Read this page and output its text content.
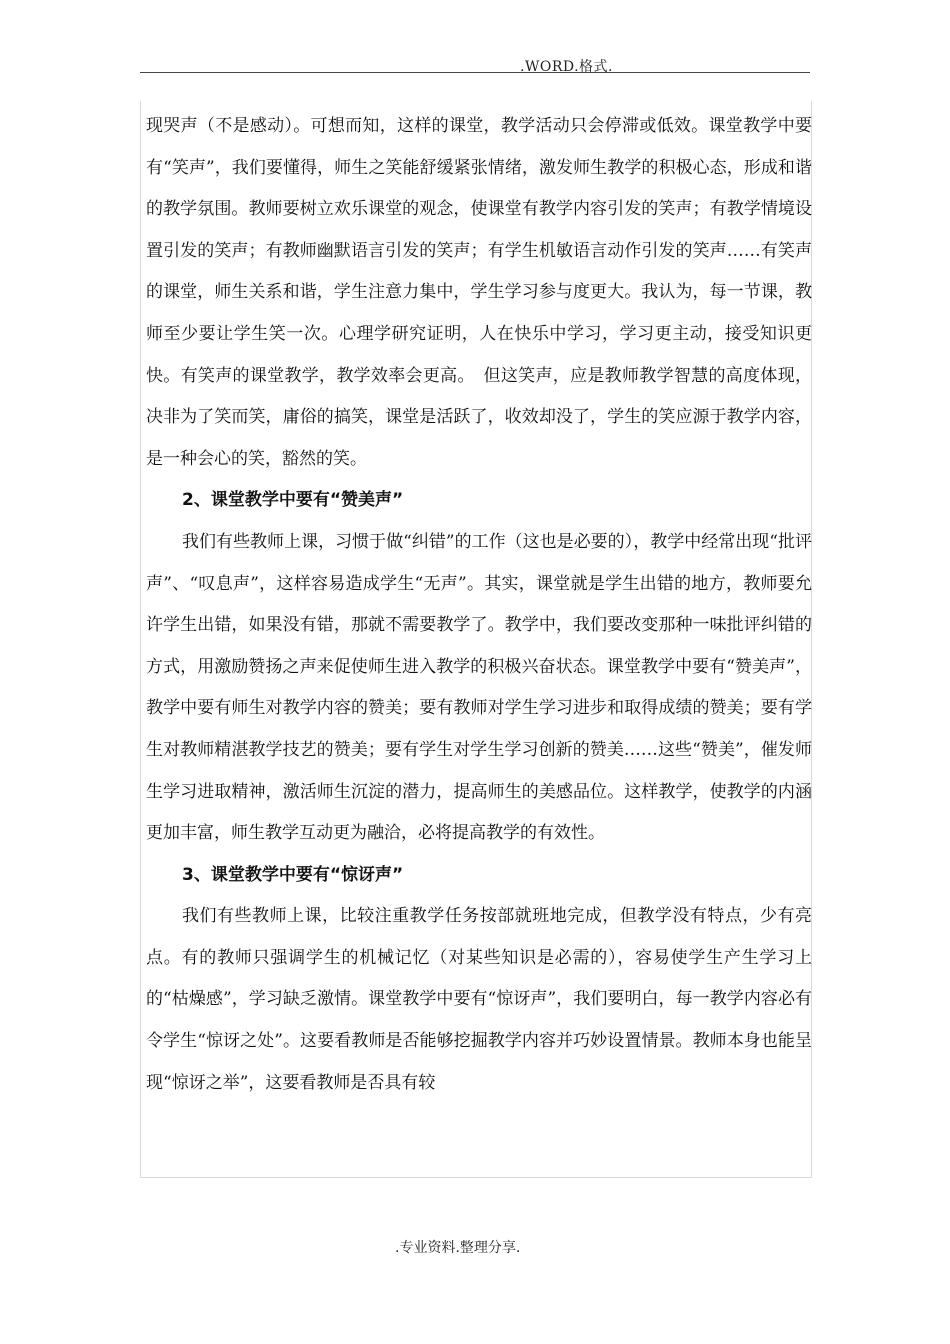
.WORD.格式.

现哭声（不是感动）。可想而知，这样的课堂，教学活动只会停滞或低效。课堂教学中要有“笑声”，我们要懂得，师生之笑能舒缓紧张情绪，激发师生教学的积极心态，形成和谐的教学氛围。教师要树立欢乐课堂的观念，使课堂有教学内容引发的笑声；有教学情境设置引发的笑声；有教师幽默语言引发的笑声；有学生机敏语言动作引发的笑声……有笑声的课堂，师生关系和谐，学生注意力集中，学生学习参与度更大。我认为，每一节课，教师至少要让学生笑一次。心理学研究证明，人在快乐中学习，学习更主动，接受知识更快。有笑声的课堂教学，教学效率会更高。　但这笑声，应是教师教学智慧的高度体现，决非为了笑而笑，庸俗的搞笑，课堂是活跃了，收效却没了，学生的笑应源于教学内容，是一种会心的笑，豁然的笑。

2、课堂教学中要有“赞美声”

我们有些教师上课，习惯于做“纠错”的工作（这也是必要的），教学中经常出现“批评声”、“叹息声”，这样容易造成学生“无声”。其实，课堂就是学生出错的地方，教师要允许学生出错，如果没有错，那就不需要教学了。教学中，我们要改变那种一味批评纠错的方式，用激励赞扬之声来促使师生进入教学的积极兴奋状态。课堂教学中要有“赞美声”，教学中要有师生对教学内容的赞美；要有教师对学生学习进步和取得成绩的赞美；要有学生对教师精湛教学技艺的赞美；要有学生对学生学习创新的赞美……这些“赞美”，催发师生学习进取精神，激活师生沉淀的潜力，提高师生的美感品位。这样教学，使教学的内涵更加丰富，师生教学互动更为融洽，必将提高教学的有效性。

3、课堂教学中要有“惊讶声”

我们有些教师上课，比较注重教学任务按部就班地完成，但教学没有特点，少有亮点。有的教师只强调学生的机械记忆（对某些知识是必需的），容易使学生产生学习上的“枯燥感”，学习缺乏激情。课堂教学中要有“惊讶声”，我们要明白，每一教学内容必有令学生“惊讶之处”。这要看教师是否能够挖掘教学内容并巧妙设置情景。教师本身也能呈现“惊讶之举”，这要看教师是否具有较

.专业资料.整理分享.
